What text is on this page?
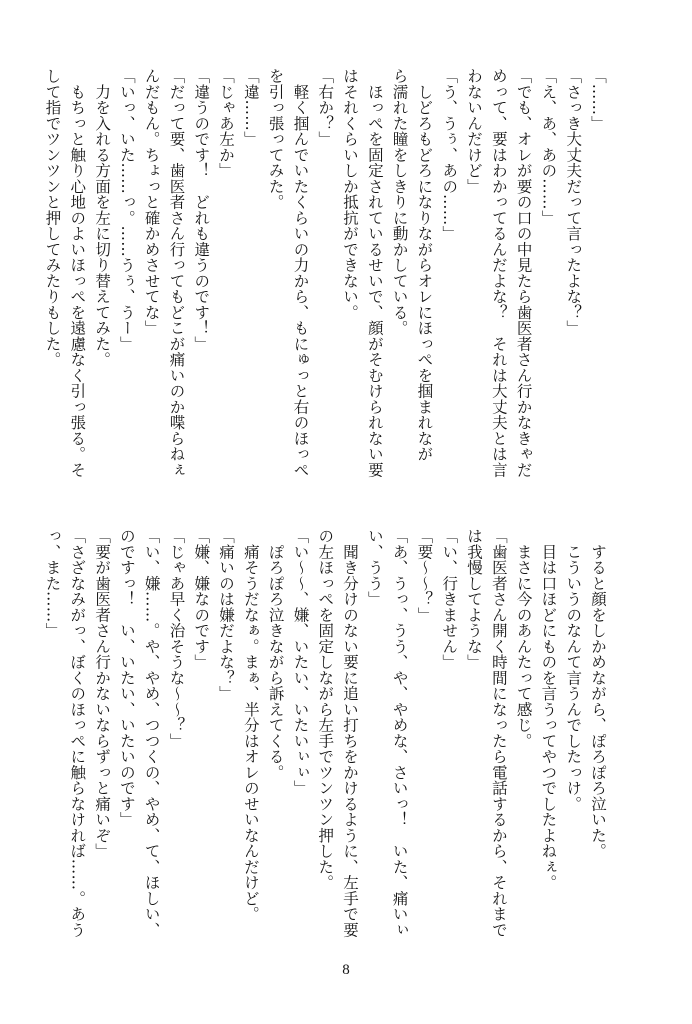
「……」
「さっき大丈夫だって言ったよな？」
「え、あ、あの……」
「でも、オレが要の口の中見たら歯医者さん行かなきゃだ
めって、要はわかってるんだよな？　それは大丈夫とは言
わないんだけど」
「う、うぅ、あの……」
　しどろもどろになりながらオレにほっぺを掴まれなが
ら濡れた瞳をしきりに動かしている。
　ほっぺを固定されているせいで、顔がそむけられない要
はそれくらいしか抵抗ができない。
「右か？」
　軽く掴んでいたくらいの力から、もにゅっと右のほっぺ
を引っ張ってみた。
「違……」
「じゃあ左か」
「違うのです！　どれも違うのです！」
「だって要、歯医者さん行ってもどこが痛いのか喋らねぇ
んだもん。ちょっと確かめさせてな」
「いっ、いた……っ。……うぅ、うー」
　力を入れる方面を左に切り替えてみた。
　もちっと触り心地のよいほっぺを遠慮なく引っ張る。そ
して指でツンツンと押してみたりもした。
　すると顔をしかめながら、ぽろぽろ泣いた。
　こういうのなんて言うんでしたっけ。
　目は口ほどにものを言うってやつでしたよねぇ。
　まさに今のあんたって感じ。
「歯医者さん開く時間になったら電話するから、それまで
は我慢してような」
「い、行きません」
「要〜〜？」
「あ、うっ、うう、や、やめな、さいっ！　いた、痛いぃ
い、うう」
　聞き分けのない要に追い打ちをかけるように、左手で要
の左ほっぺを固定しながら左手でツンツン押した。
「い〜〜、嫌、いたい、いたいぃぃ」
　ぽろぽろ泣きながら訴えてくる。
　痛そうだなぁ。まぁ、半分はオレのせいなんだけど。
「痛いのは嫌だよな？」
「嫌、嫌なのです」
「じゃあ早く治そうな〜〜？」
「い、嫌……。や、やめ、つつくの、やめ、て、ほしい、
のですっ！　い、いたい、いたいのです」
「要が歯医者さん行かないならずっと痛いぞ」
「さざなみがっ、ぼくのほっぺに触らなければ……。あう
っ、また……」
8
